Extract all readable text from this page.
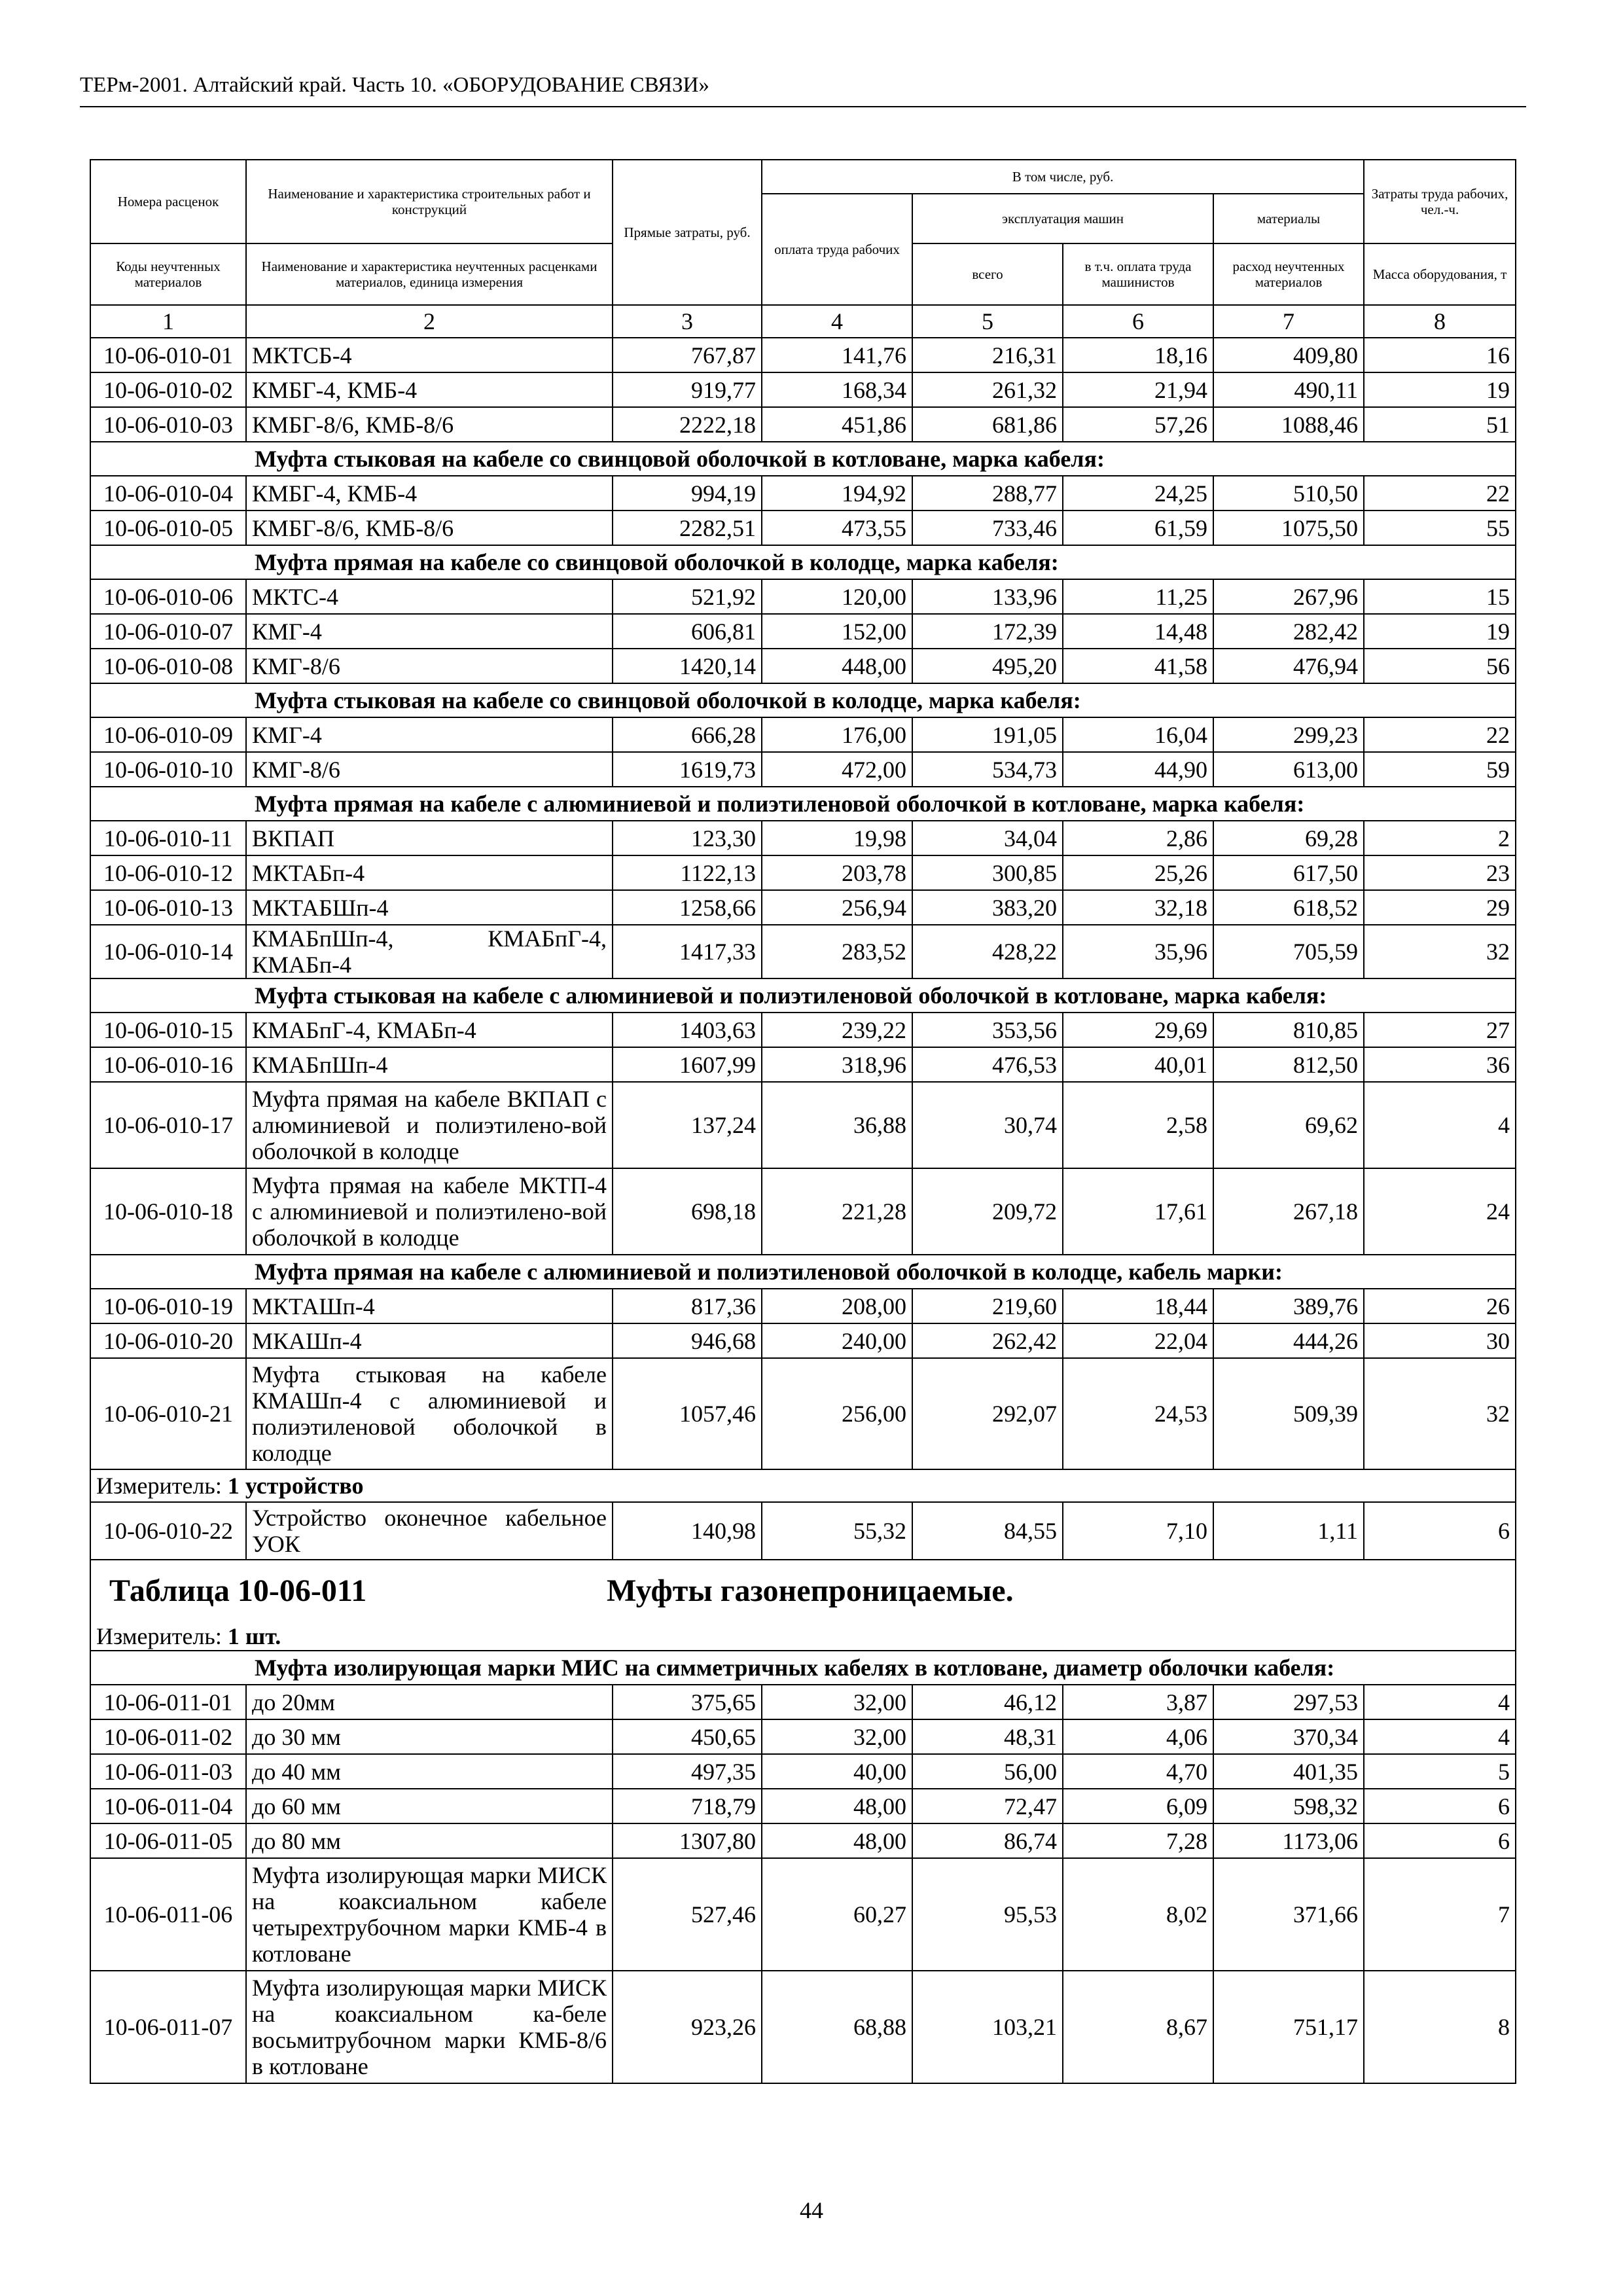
ТЕРм-2001. Алтайский край. Часть 10. «ОБОРУДОВАНИЕ СВЯЗИ»
Номера расценок	Наименование и характеристика строительных работ и конструкций	Прямые затраты, руб.	В том числе, руб.				Затраты труда рабочих, чел.-ч.
			оплата труда рабочих	эксплуатация машин		материалы	
Коды неучтенных материалов	Наименование и характеристика неучтенных расценками материалов, единица измерения			всего	в т.ч. оплата труда машинистов	расход неучтенных материалов	Масса оборудования, т
1	2	3	4	5	6	7	8
10-06-010-01	МКТСБ-4	767,87	141,76	216,31	18,16	409,80	16
10-06-010-02	КМБГ-4, КМБ-4	919,77	168,34	261,32	21,94	490,11	19
10-06-010-03	КМБГ-8/6, КМБ-8/6	2222,18	451,86	681,86	57,26	1088,46	51
Муфта стыковая на кабеле со свинцовой оболочкой в котловане, марка кабеля:							
10-06-010-04	КМБГ-4, КМБ-4	994,19	194,92	288,77	24,25	510,50	22
10-06-010-05	КМБГ-8/6, КМБ-8/6	2282,51	473,55	733,46	61,59	1075,50	55
Муфта прямая на кабеле со свинцовой оболочкой в колодце, марка кабеля:							
10-06-010-06	МКТС-4	521,92	120,00	133,96	11,25	267,96	15
10-06-010-07	КМГ-4	606,81	152,00	172,39	14,48	282,42	19
10-06-010-08	КМГ-8/6	1420,14	448,00	495,20	41,58	476,94	56
Муфта стыковая на кабеле со свинцовой оболочкой в колодце, марка кабеля:							
10-06-010-09	КМГ-4	666,28	176,00	191,05	16,04	299,23	22
10-06-010-10	КМГ-8/6	1619,73	472,00	534,73	44,90	613,00	59
Муфта прямая на кабеле с алюминиевой и полиэтиленовой оболочкой в котловане, марка кабеля:							
10-06-010-11	ВКПАП	123,30	19,98	34,04	2,86	69,28	2
10-06-010-12	МКТАБп-4	1122,13	203,78	300,85	25,26	617,50	23
10-06-010-13	МКТАБШп-4	1258,66	256,94	383,20	32,18	618,52	29
10-06-010-14	КМАБпШп-4, КМАБпГ-4, КМАБп-4	1417,33	283,52	428,22	35,96	705,59	32
Муфта стыковая на кабеле с алюминиевой и полиэтиленовой оболочкой в котловане, марка кабеля:							
10-06-010-15	КМАБпГ-4, КМАБп-4	1403,63	239,22	353,56	29,69	810,85	27
10-06-010-16	КМАБпШп-4	1607,99	318,96	476,53	40,01	812,50	36
10-06-010-17	Муфта прямая на кабеле ВКПАП с алюминиевой и полиэтилено-вой оболочкой в колодце	137,24	36,88	30,74	2,58	69,62	4
10-06-010-18	Муфта прямая на кабеле МКТП-4 с алюминиевой и полиэтилено-вой оболочкой в колодце	698,18	221,28	209,72	17,61	267,18	24
Муфта прямая на кабеле с алюминиевой и полиэтиленовой оболочкой в колодце, кабель марки:							
10-06-010-19	МКТАШп-4	817,36	208,00	219,60	18,44	389,76	26
10-06-010-20	МКАШп-4	946,68	240,00	262,42	22,04	444,26	30
10-06-010-21	Муфта стыковая на кабеле КМАШп-4 с алюминиевой и полиэтиленовой оболочкой в колодце	1057,46	256,00	292,07	24,53	509,39	32
Измеритель: 1 устройство							
10-06-010-22	Устройство оконечное кабельное УОК	140,98	55,32	84,55	7,10	1,11	6

Таблица 10-06-011 Муфты газонепроницаемые.							

Измеритель: 1 шт.							
Муфта изолирующая марки МИС на симметричных кабелях в котловане, диаметр оболочки кабеля:							
10-06-011-01	до 20мм	375,65	32,00	46,12	3,87	297,53	4
10-06-011-02	до 30 мм	450,65	32,00	48,31	4,06	370,34	4
10-06-011-03	до 40 мм	497,35	40,00	56,00	4,70	401,35	5
10-06-011-04	до 60 мм	718,79	48,00	72,47	6,09	598,32	6
10-06-011-05	до 80 мм	1307,80	48,00	86,74	7,28	1173,06	6
10-06-011-06	Муфта изолирующая марки МИСК на коаксиальном кабеле четырехтрубочном марки КМБ-4 в котловане	527,46	60,27	95,53	8,02	371,66	7
10-06-011-07	Муфта изолирующая марки МИСК на коаксиальном ка-беле восьмитрубочном марки КМБ-8/6 в котловане	923,26	68,88	103,21	8,67	751,17	8
44
